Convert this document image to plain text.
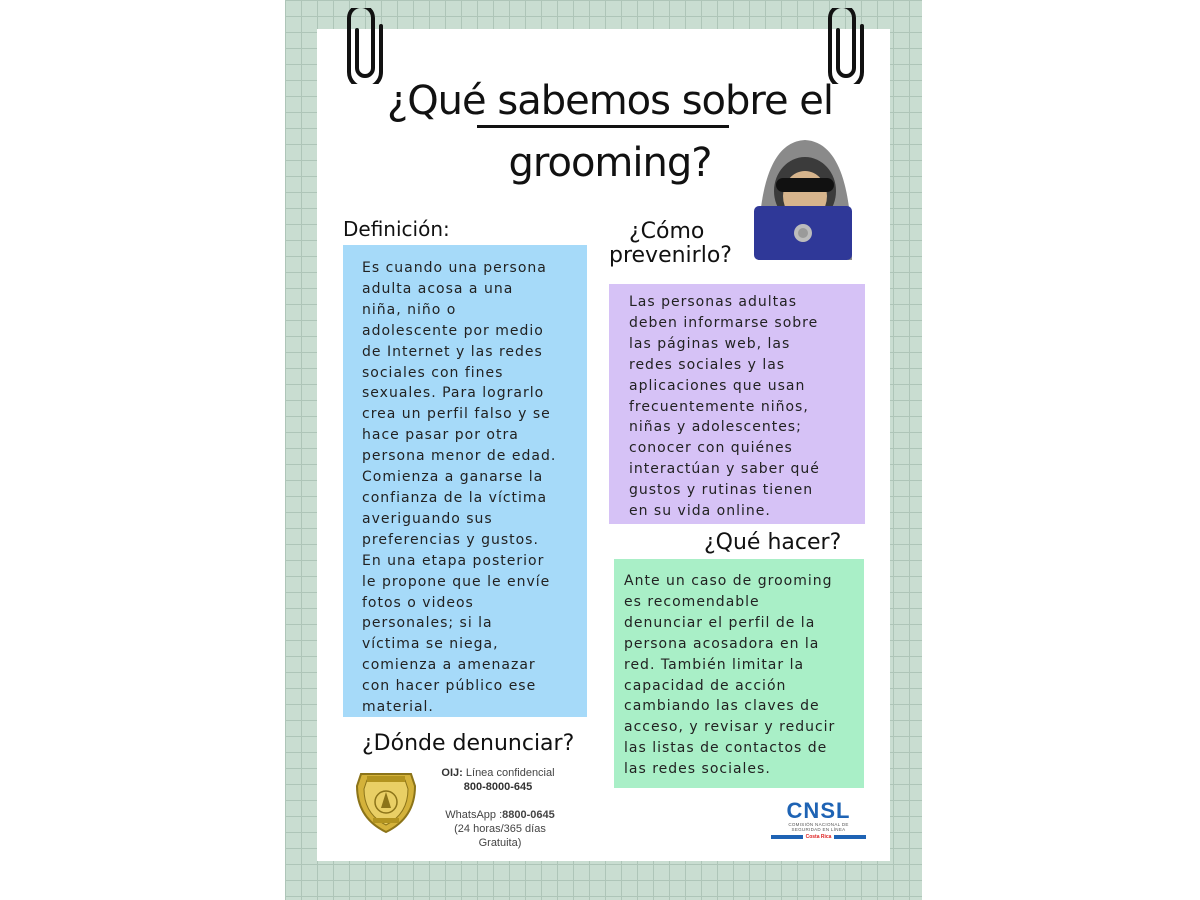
¿Qué sabemos sobre el
grooming?
Definición:
Es cuando una persona
adulta acosa a una
niña, niño o
adolescente por medio
de Internet y las redes
sociales con fines
sexuales. Para lograrlo
crea un perfil falso y se
hace pasar por otra
persona menor de edad.
Comienza a ganarse la
confianza de la víctima
averiguando sus
preferencias y gustos.
En una etapa posterior
le propone que le envíe
fotos o videos
personales; si la
víctima se niega,
comienza a amenazar
con hacer público ese
material.
¿Cómo
prevenirlo?
Las personas adultas
deben informarse sobre
las páginas web, las
redes sociales y las
aplicaciones que usan
frecuentemente niños,
niñas y adolescentes;
conocer con quiénes
interactúan y saber qué
gustos y rutinas tienen
en su vida online.
¿Qué hacer?
Ante un caso de grooming
es recomendable
denunciar el perfil de la
persona acosadora en la
red. También limitar la
capacidad de acción
cambiando las claves de
acceso, y revisar y reducir
las listas de contactos de
las redes sociales.
¿Dónde denunciar?
OIJ: Línea confidencial
800-8000-645
WhatsApp :8800-0645
(24 horas/365 días
Gratuita)
CNSL
COMISIÓN NACIONAL DE
SEGURIDAD EN LÍNEA
Costa Rica
